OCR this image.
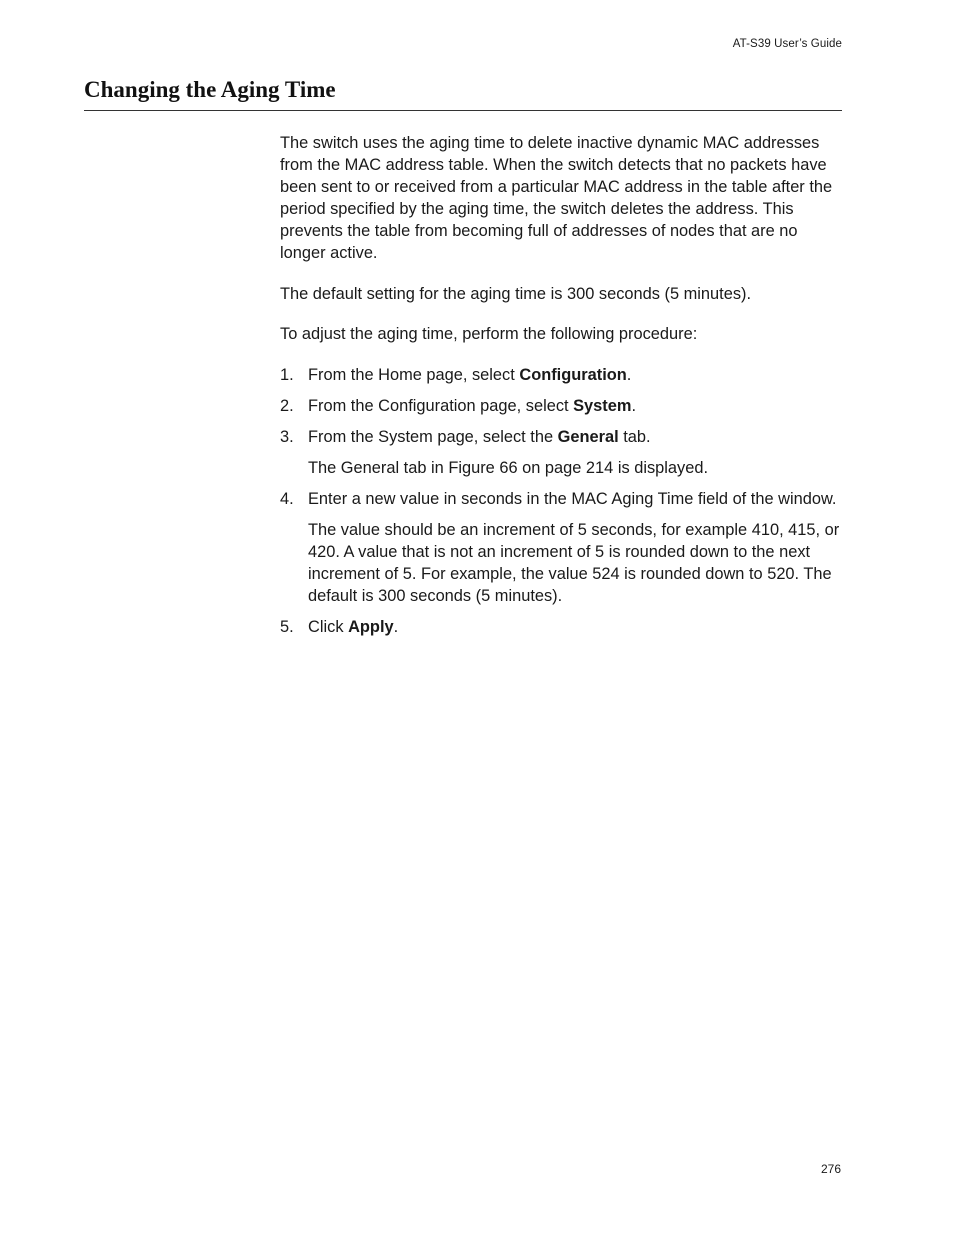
AT-S39 User’s Guide
Changing the Aging Time

The switch uses the aging time to delete inactive dynamic MAC addresses from the MAC address table. When the switch detects that no packets have been sent to or received from a particular MAC address in the table after the period specified by the aging time, the switch deletes the address. This prevents the table from becoming full of addresses of nodes that are no longer active.

The default setting for the aging time is 300 seconds (5 minutes).

To adjust the aging time, perform the following procedure:

1. From the Home page, select Configuration.

2. From the Configuration page, select System.

3. From the System page, select the General tab.

The General tab in Figure 66 on page 214 is displayed.

4. Enter a new value in seconds in the MAC Aging Time field of the window.

The value should be an increment of 5 seconds, for example 410, 415, or 420. A value that is not an increment of 5 is rounded down to the next increment of 5. For example, the value 524 is rounded down to 520. The default is 300 seconds (5 minutes).

5. Click Apply.

276
